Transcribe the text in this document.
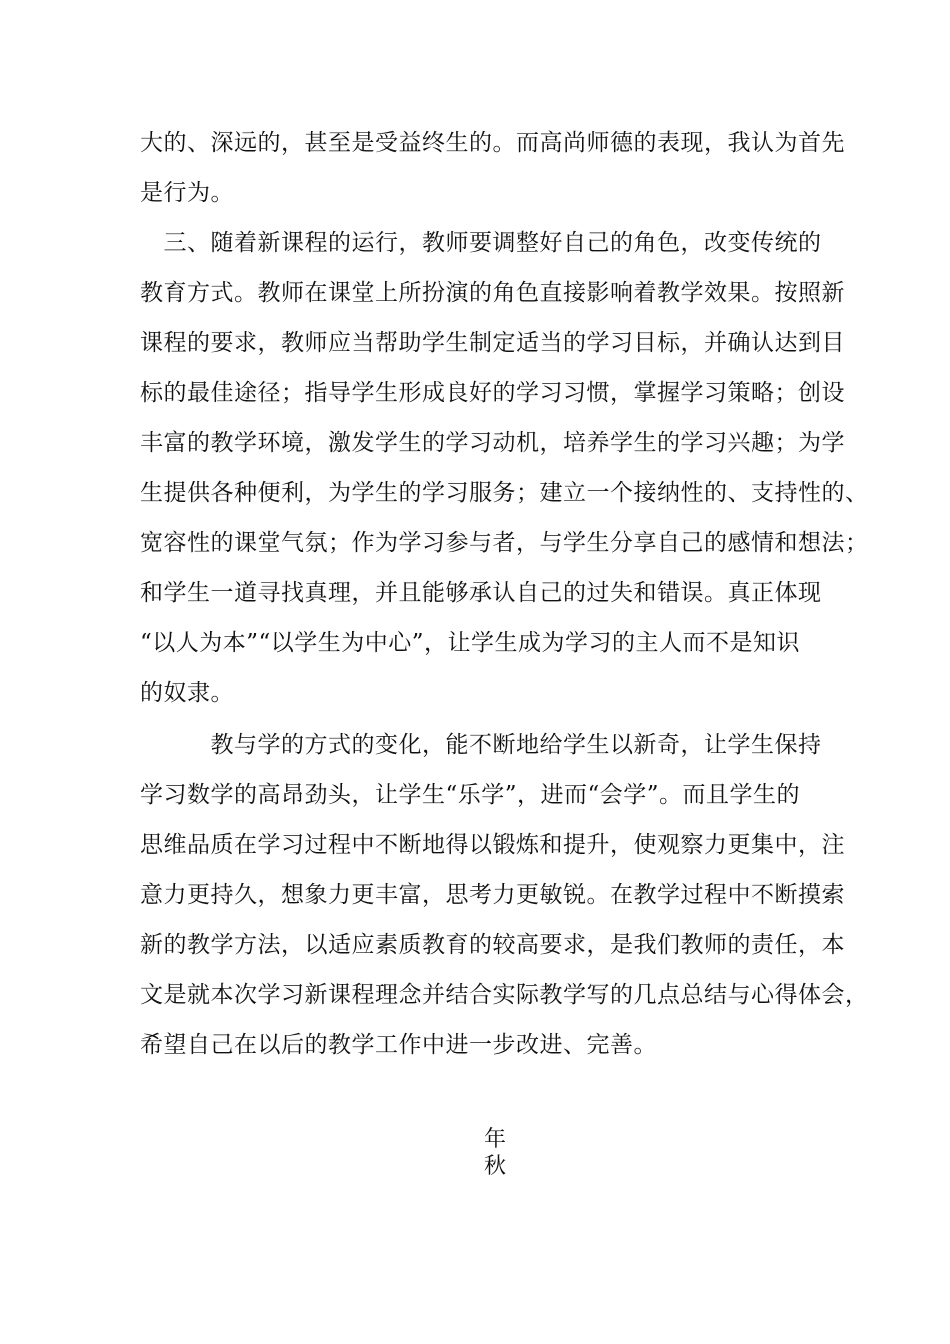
大的、深远的，甚至是受益终生的。而高尚师德的表现，我认为首先
是行为。
　三、随着新课程的运行，教师要调整好自己的角色，改变传统的
教育方式。教师在课堂上所扮演的角色直接影响着教学效果。按照新
课程的要求，教师应当帮助学生制定适当的学习目标，并确认达到目
标的最佳途径；指导学生形成良好的学习习惯，掌握学习策略；创设
丰富的教学环境，激发学生的学习动机，培养学生的学习兴趣；为学
生提供各种便利，为学生的学习服务；建立一个接纳性的、支持性的、
宽容性的课堂气氛；作为学习参与者，与学生分享自己的感情和想法；
和学生一道寻找真理，并且能够承认自己的过失和错误。真正体现
“以人为本”“以学生为中心”，让学生成为学习的主人而不是知识
的奴隶。
　　　教与学的方式的变化，能不断地给学生以新奇，让学生保持
学习数学的高昂劲头，让学生“乐学”，进而“会学”。而且学生的
思维品质在学习过程中不断地得以锻炼和提升，使观察力更集中，注
意力更持久，想象力更丰富，思考力更敏锐。在教学过程中不断摸索
新的教学方法，以适应素质教育的较高要求，是我们教师的责任，本
文是就本次学习新课程理念并结合实际教学写的几点总结与心得体会，
希望自己在以后的教学工作中进一步改进、完善。
年
秋
